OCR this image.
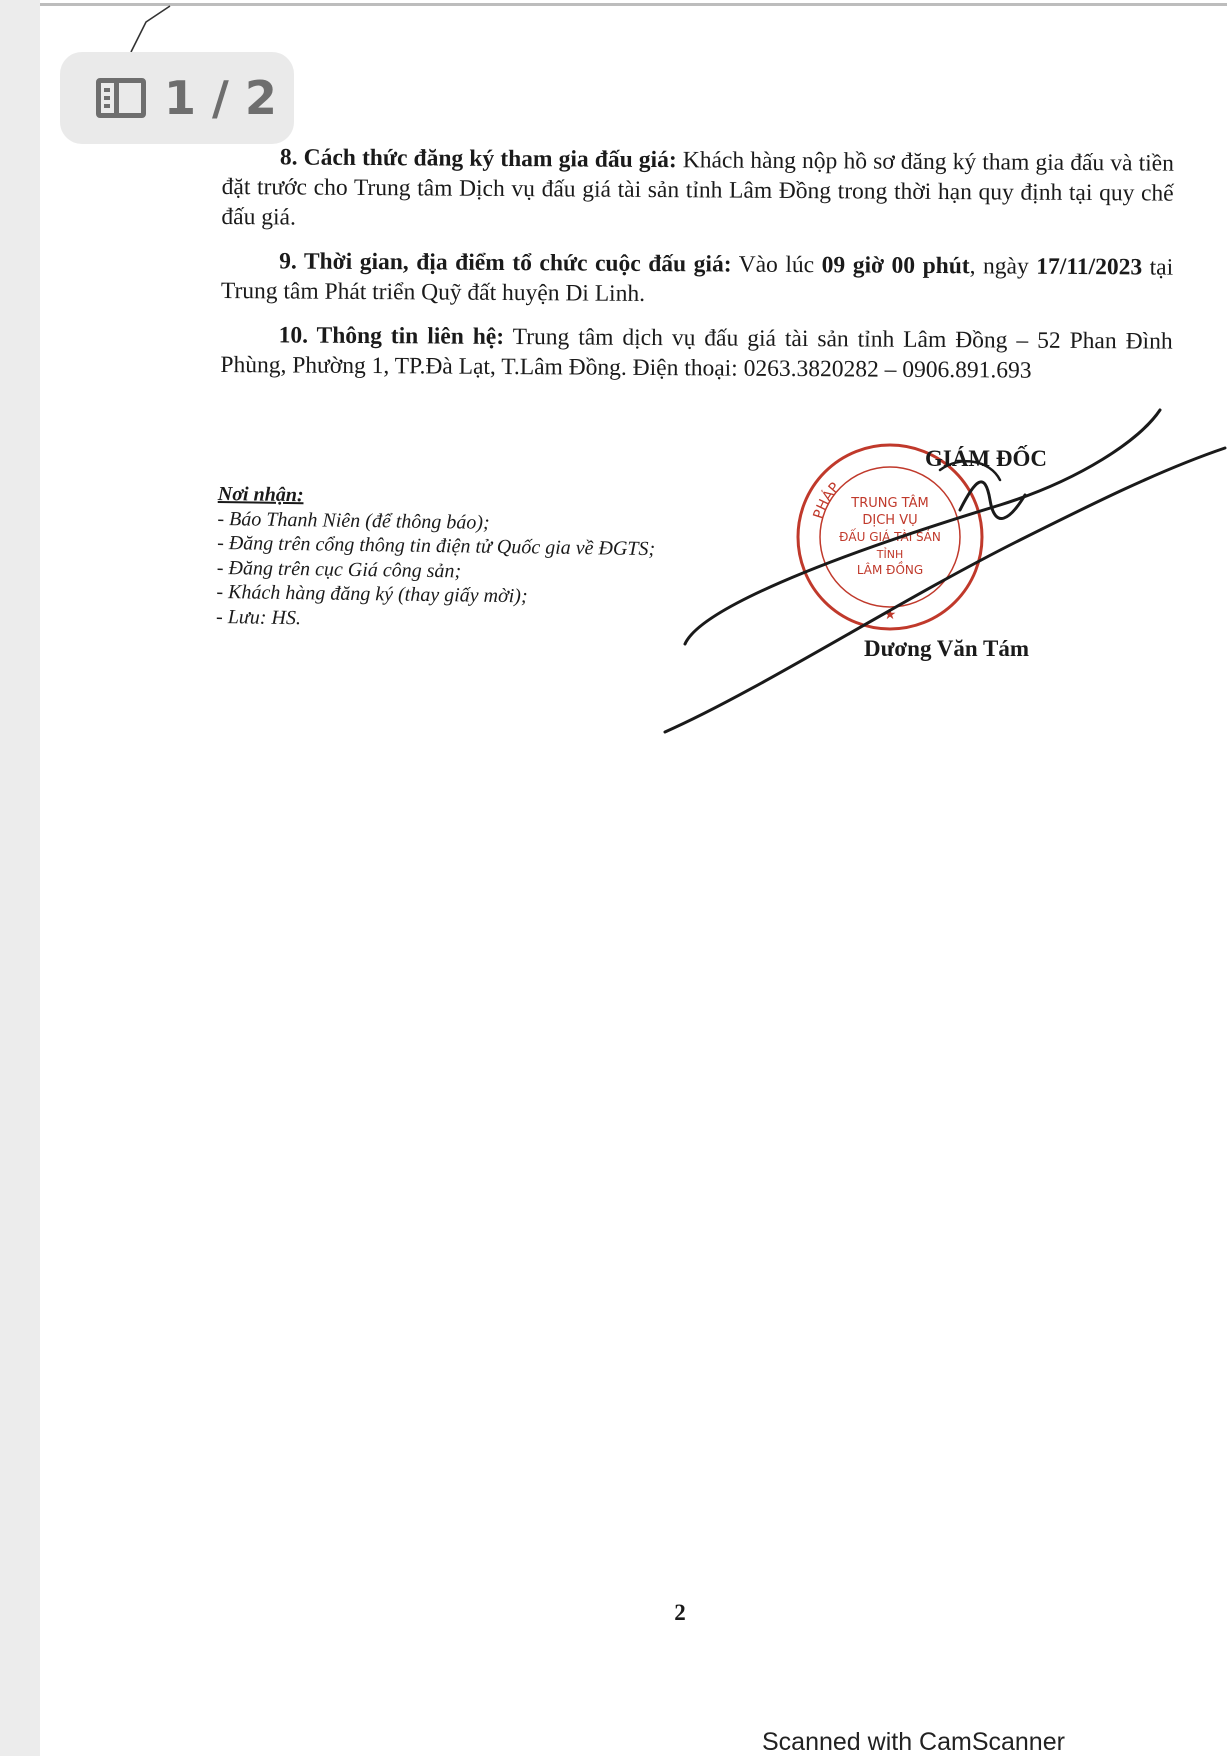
1 / 2

8. Cách thức đăng ký tham gia đấu giá: Khách hàng nộp hồ sơ đăng ký tham gia đấu và tiền đặt trước cho Trung tâm Dịch vụ đấu giá tài sản tỉnh Lâm Đồng trong thời hạn quy định tại quy chế đấu giá.

9. Thời gian, địa điểm tổ chức cuộc đấu giá: Vào lúc 09 giờ 00 phút, ngày 17/11/2023 tại Trung tâm Phát triển Quỹ đất huyện Di Linh.

10. Thông tin liên hệ: Trung tâm dịch vụ đấu giá tài sản tỉnh Lâm Đồng – 52 Phan Đình Phùng, Phường 1, TP.Đà Lạt, T.Lâm Đồng. Điện thoại: 0263.3820282 – 0906.891.693

Nơi nhận:
- Báo Thanh Niên (để thông báo);
- Đăng trên cổng thông tin điện tử Quốc gia về ĐGTS;
- Đăng trên cục Giá công sản;
- Khách hàng đăng ký (thay giấy mời);
- Lưu: HS.
PHÁP
TRUNG TÂM
DỊCH VỤ
ĐẤU GIÁ TÀI SẢN
TỈNH
LÂM ĐỒNG
★
GIÁM ĐỐC
Dương Văn Tám
2
Scanned with CamScanner
